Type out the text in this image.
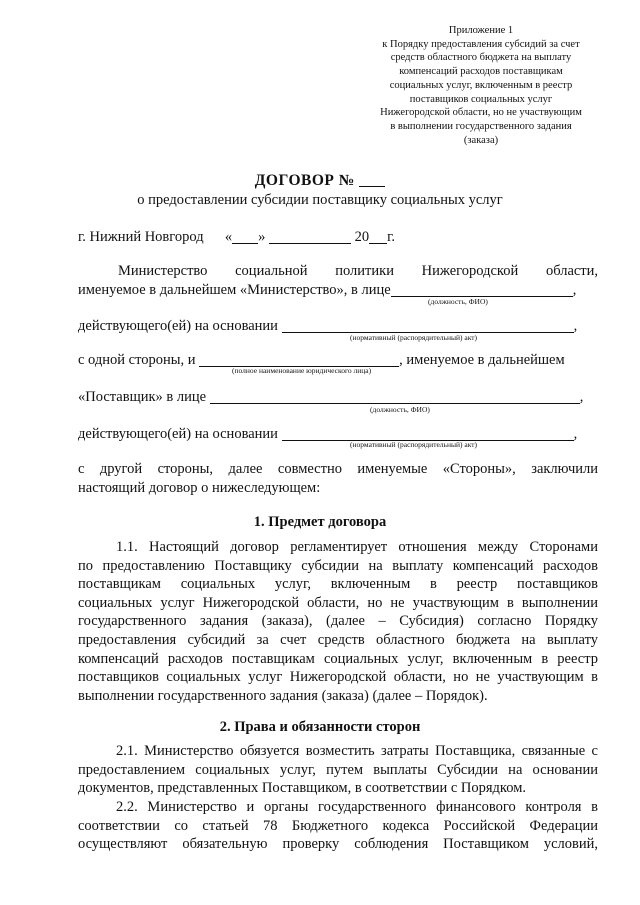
Приложение 1
к Порядку предоставления субсидий за счет
средств областного бюджета на выплату
компенсаций расходов поставщикам
социальных услуг, включенным в реестр
поставщиков социальных услуг
Нижегородской области, но не участвующим
в выполнении государственного задания
(заказа)
ДОГОВОР №
о предоставлении субсидии поставщику социальных услуг
г. Нижний Новгород « »	20 г.
Министерство социальной политики Нижегородской области,
именуемое в дальнейшем «Министерство», в лице	,
(должность, ФИО)
действующего(ей) на основании	,
(нормативный (распорядительный) акт)
с одной стороны, и	, именуемое в дальнейшем
(полное наименование юридического лица)
«Поставщик» в лице	,
(должность, ФИО)
действующего(ей) на основании	,
(нормативный (распорядительный) акт)
с другой стороны, далее совместно именуемые «Стороны», заключили
настоящий договор о нижеследующем:
1. Предмет договора
1.1. Настоящий договор регламентирует отношения между Сторонами
по предоставлению Поставщику субсидии на выплату компенсаций расходов
поставщикам социальных услуг, включенным в реестр поставщиков
социальных услуг Нижегородской области, но не участвующим в выполнении
государственного задания (заказа), (далее – Субсидия) согласно Порядку
предоставления субсидий за счет средств областного бюджета на выплату
компенсаций расходов поставщикам социальных услуг, включенным в реестр
поставщиков социальных услуг Нижегородской области, но не участвующим в
выполнении государственного задания (заказа) (далее – Порядок).
2. Права и обязанности сторон
2.1. Министерство обязуется возместить затраты Поставщика, связанные с
предоставлением социальных услуг, путем выплаты Субсидии на основании
документов, представленных Поставщиком, в соответствии с Порядком.
2.2. Министерство и органы государственного финансового контроля в
соответствии со статьей 78 Бюджетного кодекса Российской Федерации
осуществляют обязательную проверку соблюдения Поставщиком условий,
